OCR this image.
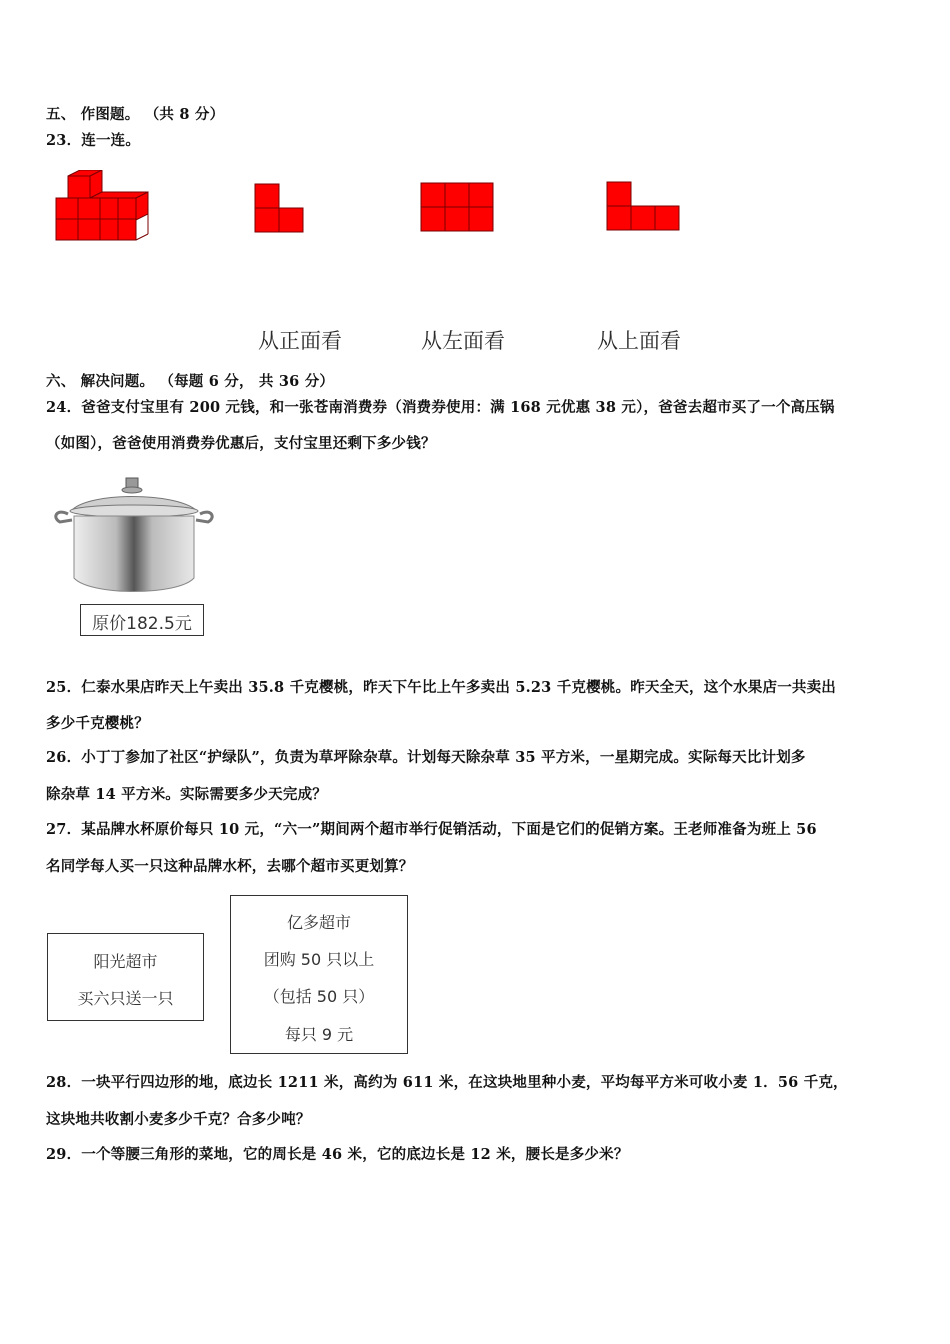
五、 作图题。 （共 8 分）
23．连一连。
从正面看	从左面看	从上面看
六、 解决问题。 （每题 6 分， 共 36 分）
24．爸爸支付宝里有 200 元钱，和一张苍南消费券（消费券使用：满 168 元优惠 38 元），爸爸去超市买了一个高压锅
（如图），爸爸使用消费券优惠后，支付宝里还剩下多少钱？
原价182.5元
25．仁泰水果店昨天上午卖出 35.8 千克樱桃，昨天下午比上午多卖出 5.23 千克樱桃。昨天全天，这个水果店一共卖出
多少千克樱桃？
26．小丁丁参加了社区“护绿队”，负责为草坪除杂草。计划每天除杂草 35 平方米，一星期完成。实际每天比计划多
除杂草 14 平方米。实际需要多少天完成？
27．某品牌水杯原价每只 10 元，“六一”期间两个超市举行促销活动，下面是它们的促销方案。王老师准备为班上 56
名同学每人买一只这种品牌水杯，去哪个超市买更划算？
阳光超市
买六只送一只
亿多超市
团购 50 只以上
（包括 50 只）
每只 9 元
28．一块平行四边形的地，底边长 1211 米，高约为 611 米，在这块地里种小麦，平均每平方米可收小麦 1．56 千克，
这块地共收割小麦多少千克？合多少吨？
29．一个等腰三角形的菜地，它的周长是 46 米，它的底边长是 12 米，腰长是多少米？
